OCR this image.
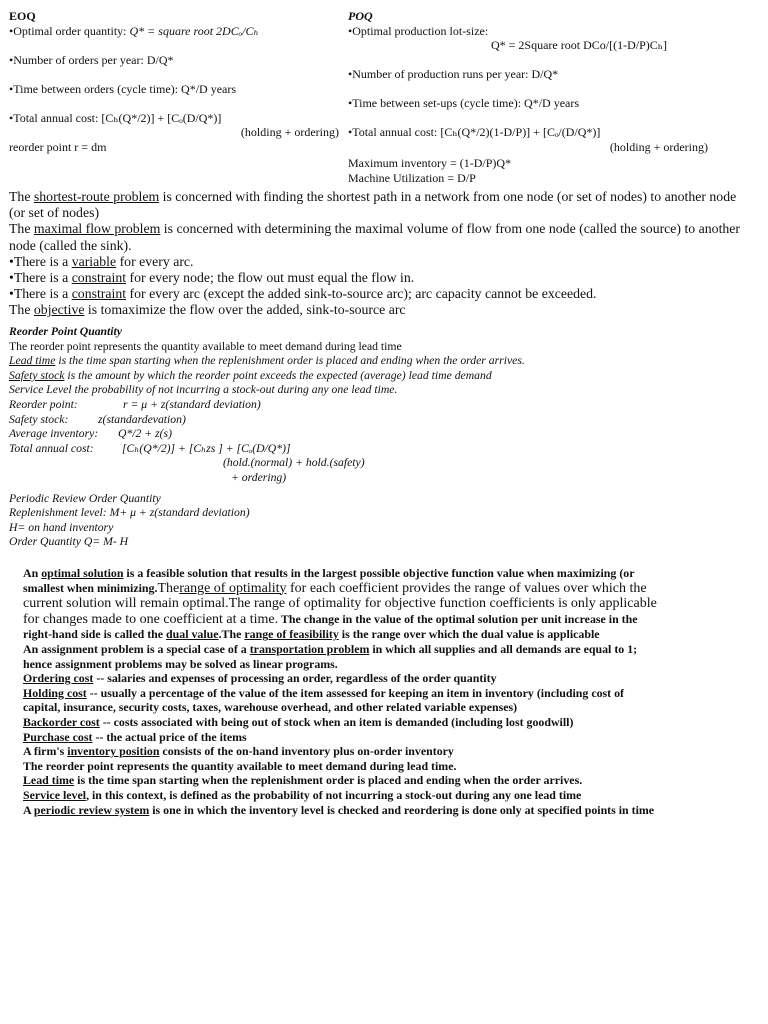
EOQ
•Optimal order quantity: Q* = square root 2DCₒ/Cₕ
•Number of orders per year: D/Q*
•Time between orders (cycle time): Q*/D years
•Total annual cost: [Cₕ(Q*/2)] + [Cₒ(D/Q*)]
(holding + ordering)
reorder point r = dm
POQ
•Optimal production lot-size:
Q* = 2Square root DCo/[(1-D/P)Cₕ]
•Number of production runs per year: D/Q*
•Time between set-ups (cycle time): Q*/D years
•Total annual cost: [Cₕ(Q*/2)(1-D/P)] + [Cₒ/(D/Q*)]
(holding + ordering)
Maximum inventory = (1-D/P)Q*
Machine Utilization = D/P

The shortest-route problem is concerned with finding the shortest path in a network from one node (or set of nodes) to another node (or set of nodes)

The maximal flow problem is concerned with determining the maximal volume of flow from one node (called the source) to another node (called the sink).

•There is a variable for every arc.

•There is a constraint for every node; the flow out must equal the flow in.

•There is a constraint for every arc (except the added sink-to-source arc); arc capacity cannot be exceeded.

The objective is tomaximize the flow over the added, sink-to-source arc

Reorder Point Quantity
The reorder point represents the quantity available to meet demand during lead time
Lead time is the time span starting when the replenishment order is placed and ending when the order arrives.
Safety stock is the amount by which the reorder point exceeds the expected (average) lead time demand
Service Level the probability of not incurring a stock-out during any one lead time.
Reorder point:	r = μ + z(standard deviation)
Safety stock:	z(standardevation)
Average inventory: Q*/2 + z(s)
Total annual cost: [Cₕ(Q*/2)] + [Cₕzs ] + [Cₒ(D/Q*)]
(hold.(normal) + hold.(safety)
+ ordering)
Periodic Review Order Quantity
Replenishment level: M+ μ + z(standard deviation)
H= on hand inventory
Order Quantity Q= M- H

An optimal solution is a feasible solution that results in the largest possible objective function value when maximizing (or smallest when minimizing.Therange of optimality for each coefficient provides the range of values over which the current solution will remain optimal.The range of optimality for objective function coefficients is only applicable for changes made to one coefficient at a time. The change in the value of the optimal solution per unit increase in the right-hand side is called the dual value.The range of feasibility is the range over which the dual value is applicable

An assignment problem is a special case of a transportation problem in which all supplies and all demands are equal to 1; hence assignment problems may be solved as linear programs.

Ordering cost -- salaries and expenses of processing an order, regardless of the order quantity

Holding cost -- usually a percentage of the value of the item assessed for keeping an item in inventory (including cost of capital, insurance, security costs, taxes, warehouse overhead, and other related variable expenses)

Backorder cost -- costs associated with being out of stock when an item is demanded (including lost goodwill)

Purchase cost -- the actual price of the items

A firm's inventory position consists of the on-hand inventory plus on-order inventory

The reorder point represents the quantity available to meet demand during lead time.

Lead time is the time span starting when the replenishment order is placed and ending when the order arrives.

Service level, in this context, is defined as the probability of not incurring a stock-out during any one lead time

A periodic review system is one in which the inventory level is checked and reordering is done only at specified points in time
